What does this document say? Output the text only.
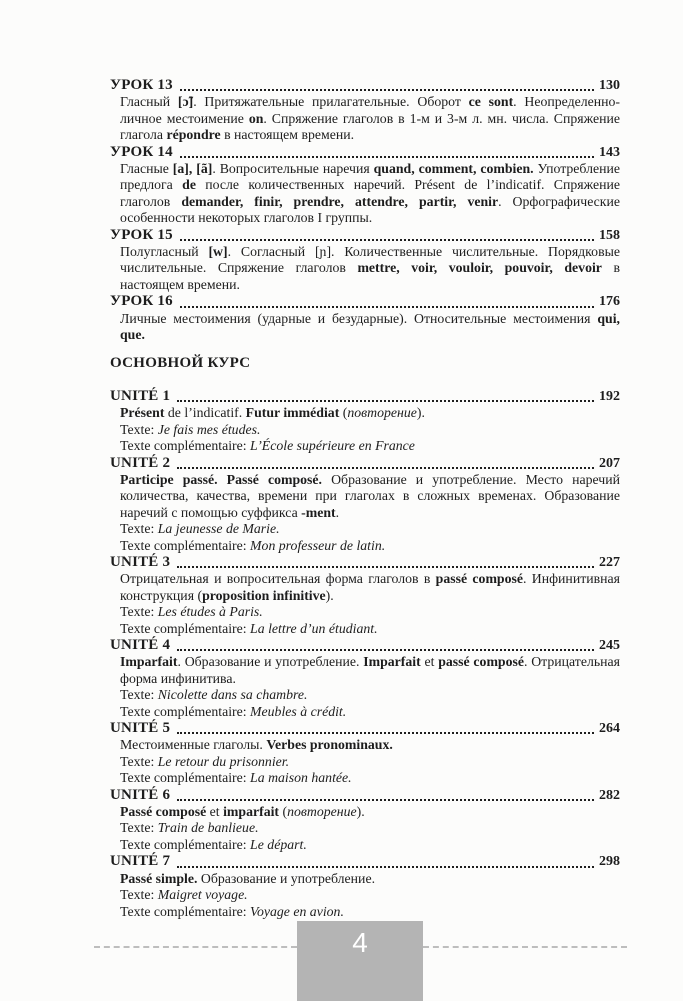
УРОК 13	130
Гласный [ɔ̃]. Притяжательные прилагательные. Оборот ce sont. Неопределенно-личное местоимение on. Спряжение глаголов в 1-м и 3-м л. мн. числа. Спряжение глагола répondre в настоящем времени.
УРОК 14	143
Гласные [a], [ã]. Вопросительные наречия quand, comment, combien. Употребление предлога de после количественных наречий. Présent de l’indicatif. Спряжение глаголов demander, finir, prendre, attendre, partir, venir. Орфографические особенности некоторых глаголов I группы.
УРОК 15	158
Полугласный [w]. Согласный [ɲ]. Количественные числительные. Порядковые числительные. Спряжение глаголов mettre, voir, vouloir, pouvoir, devoir в настоящем времени.
УРОК 16	176
Личные местоимения (ударные и безударные). Относительные местоимения qui, que.
ОСНОВНОЙ КУРС
UNITÉ 1	192
Présent de l’indicatif. Futur immédiat (повторение).
Texte: Je fais mes études.
Texte complémentaire: L’École supérieure en France
UNITÉ 2	207
Participe passé. Passé composé. Образование и употребление. Место наречий количества, качества, времени при глаголах в сложных временах. Образование наречий с помощью суффикса -ment.
Texte: La jeunesse de Marie.
Texte complémentaire: Mon professeur de latin.
UNITÉ 3	227
Отрицательная и вопросительная форма глаголов в passé composé. Инфинитивная конструкция (proposition infinitive).
Texte: Les études à Paris.
Texte complémentaire: La lettre d’un étudiant.
UNITÉ 4	245
Imparfait. Образование и употребление. Imparfait et passé composé. Отрицательная форма инфинитива.
Texte: Nicolette dans sa chambre.
Texte complémentaire: Meubles à crédit.
UNITÉ 5	264
Местоименные глаголы. Verbes pronominaux.
Texte: Le retour du prisonnier.
Texte complémentaire: La maison hantée.
UNITÉ 6	282
Passé composé et imparfait (повторение).
Texte: Train de banlieue.
Texte complémentaire: Le départ.
UNITÉ 7	298
Passé simple. Образование и употребление.
Texte: Maigret voyage.
Texte complémentaire: Voyage en avion.
4
